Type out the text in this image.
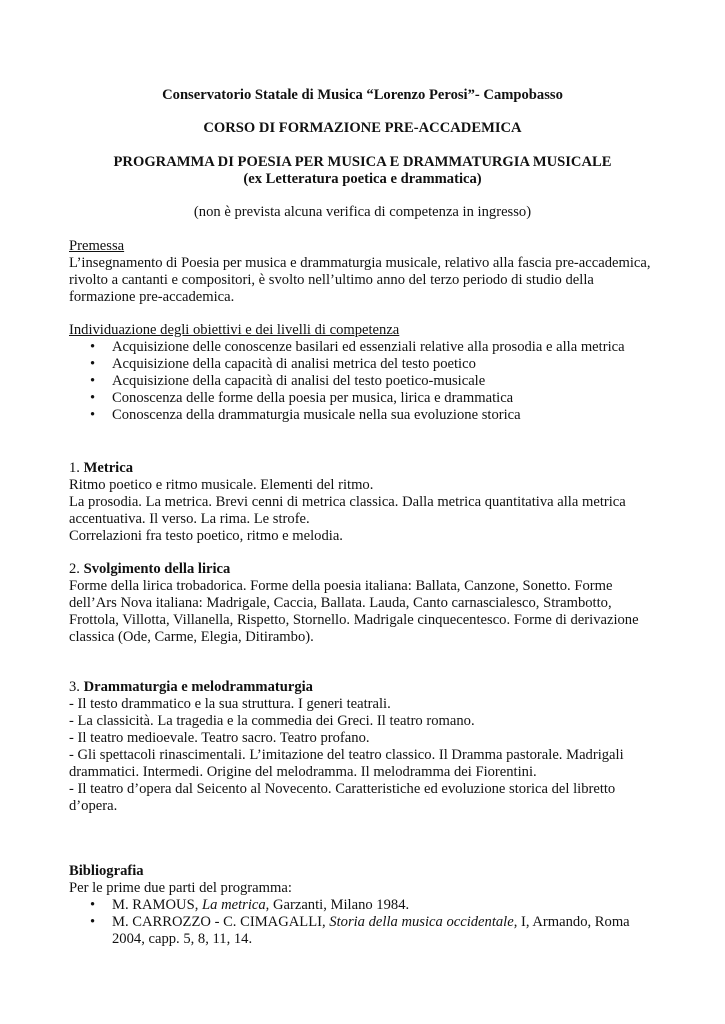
Conservatorio Statale di Musica “Lorenzo Perosi”- Campobasso
CORSO DI FORMAZIONE PRE-ACCADEMICA
PROGRAMMA DI POESIA PER MUSICA E DRAMMATURGIA MUSICALE
(ex Letteratura poetica e drammatica)
(non è prevista alcuna verifica di competenza in ingresso)

Premessa

L’insegnamento di Poesia per musica e drammaturgia musicale, relativo alla fascia pre-accademica,

rivolto a cantanti e compositori, è svolto nell’ultimo anno del terzo periodo di studio della

formazione pre-accademica.

Individuazione degli obiettivi e dei livelli di competenza

• Acquisizione delle conoscenze basilari ed essenziali relative alla prosodia e alla metrica
• Acquisizione della capacità di analisi metrica del testo poetico
• Acquisizione della capacità di analisi del testo poetico-musicale
• Conoscenza delle forme della poesia per musica, lirica e drammatica
• Conoscenza della drammaturgia musicale nella sua evoluzione storica

1. Metrica

Ritmo poetico e ritmo musicale. Elementi del ritmo.

La prosodia. La metrica. Brevi cenni di metrica classica. Dalla metrica quantitativa alla metrica

accentuativa. Il verso. La rima. Le strofe.

Correlazioni fra testo poetico, ritmo e melodia.

2. Svolgimento della lirica

Forme della lirica trobadorica. Forme della poesia italiana: Ballata, Canzone, Sonetto. Forme

dell’Ars Nova italiana: Madrigale, Caccia, Ballata. Lauda, Canto carnascialesco, Strambotto,

Frottola, Villotta, Villanella, Rispetto, Stornello. Madrigale cinquecentesco. Forme di derivazione

classica (Ode, Carme, Elegia, Ditirambo).

3. Drammaturgia e melodrammaturgia

- Il testo drammatico e la sua struttura. I generi teatrali.

- La classicità. La tragedia e la commedia dei Greci. Il teatro romano.

- Il teatro medioevale. Teatro sacro. Teatro profano.

- Gli spettacoli rinascimentali. L’imitazione del teatro classico. Il Dramma pastorale. Madrigali

drammatici. Intermedi. Origine del melodramma. Il melodramma dei Fiorentini.

- Il teatro d’opera dal Seicento al Novecento. Caratteristiche ed evoluzione storica del libretto

d’opera.

Bibliografia

Per le prime due parti del programma:

• M. RAMOUS, La metrica, Garzanti, Milano 1984.
• M. CARROZZO - C. CIMAGALLI, Storia della musica occidentale, I, Armando, Roma
2004, capp. 5, 8, 11, 14.
